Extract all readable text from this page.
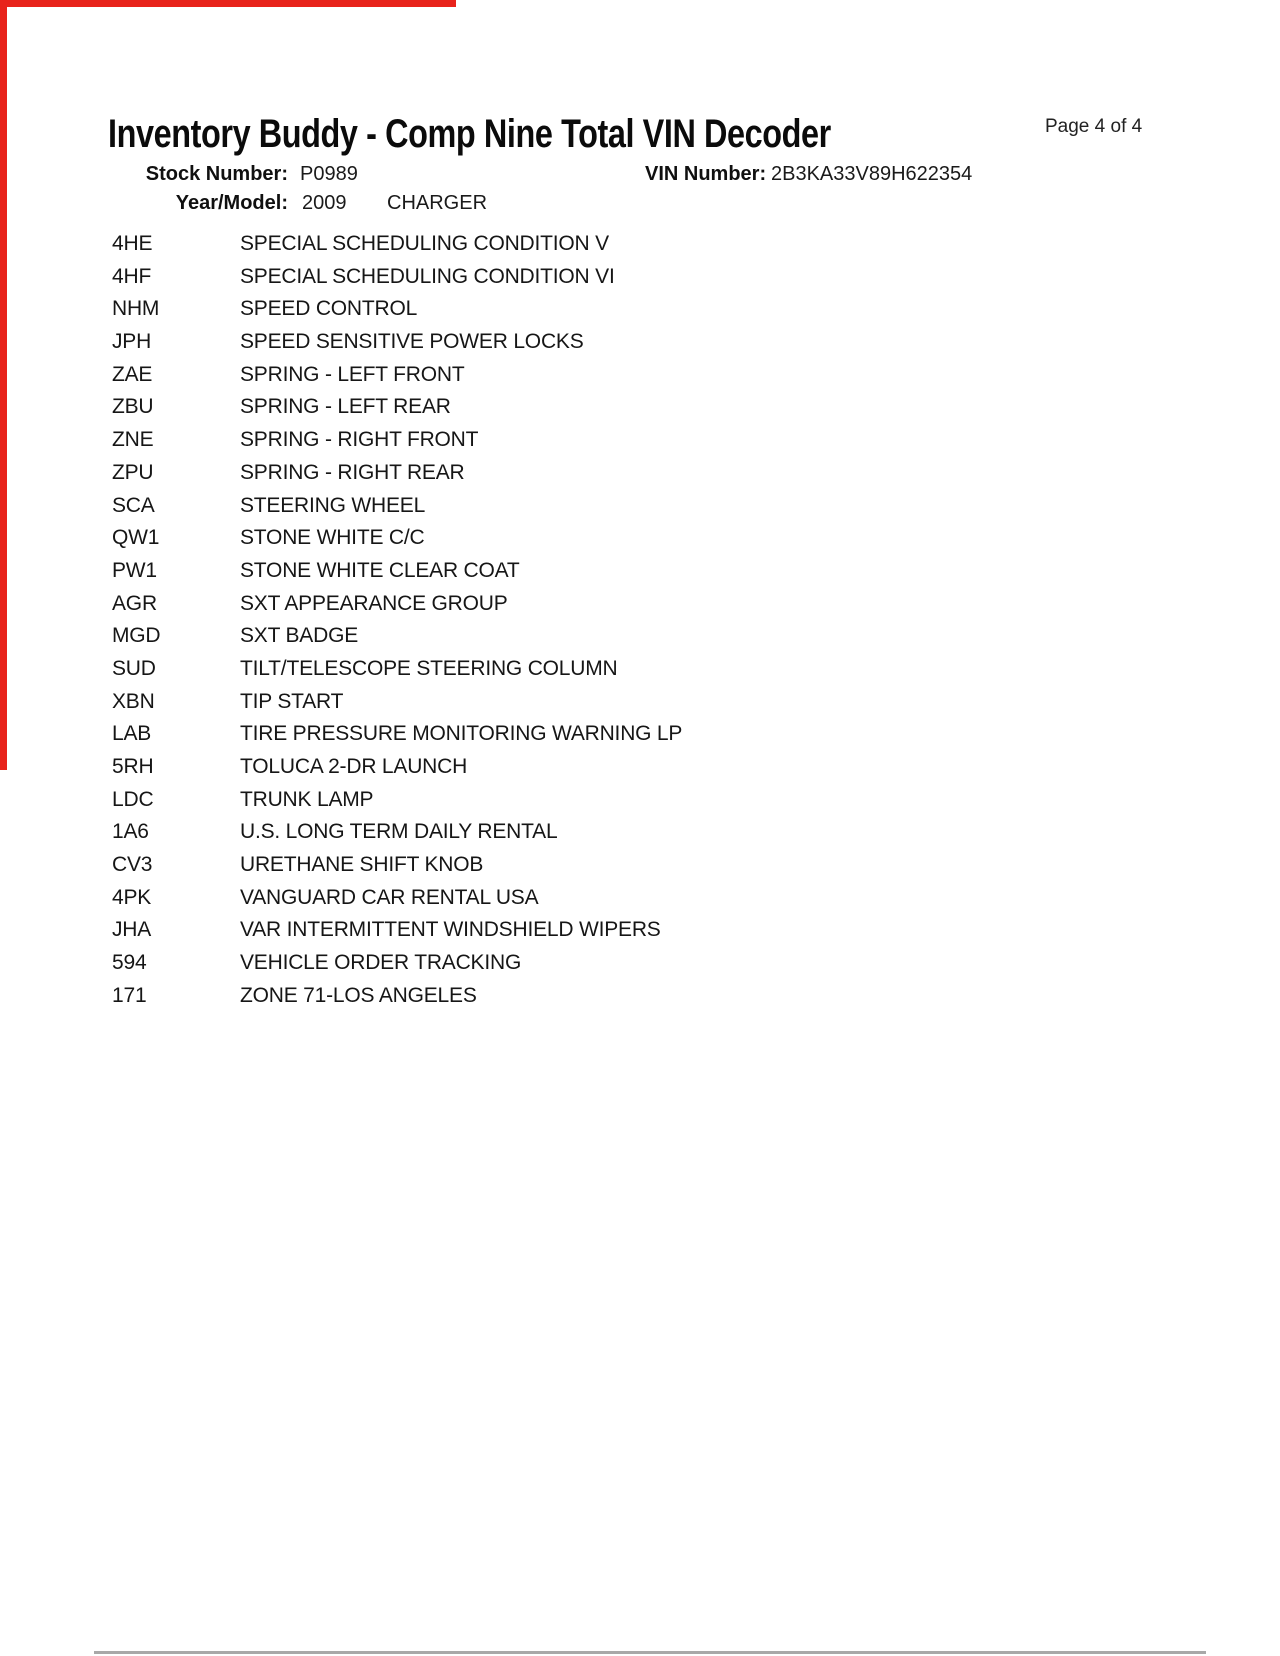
Inventory Buddy - Comp Nine Total VIN Decoder	Page 4 of 4
Stock Number: P0989	VIN Number: 2B3KA33V89H622354
Year/Model: 2009 CHARGER
4HE	SPECIAL SCHEDULING CONDITION V
4HF	SPECIAL SCHEDULING CONDITION VI
NHM	SPEED CONTROL
JPH	SPEED SENSITIVE POWER LOCKS
ZAE	SPRING - LEFT FRONT
ZBU	SPRING - LEFT REAR
ZNE	SPRING - RIGHT FRONT
ZPU	SPRING - RIGHT REAR
SCA	STEERING WHEEL
QW1	STONE WHITE C/C
PW1	STONE WHITE CLEAR COAT
AGR	SXT APPEARANCE GROUP
MGD	SXT BADGE
SUD	TILT/TELESCOPE STEERING COLUMN
XBN	TIP START
LAB	TIRE PRESSURE MONITORING WARNING LP
5RH	TOLUCA 2-DR LAUNCH
LDC	TRUNK LAMP
1A6	U.S. LONG TERM DAILY RENTAL
CV3	URETHANE SHIFT KNOB
4PK	VANGUARD CAR RENTAL USA
JHA	VAR INTERMITTENT WINDSHIELD WIPERS
594	VEHICLE ORDER TRACKING
171	ZONE 71-LOS ANGELES
